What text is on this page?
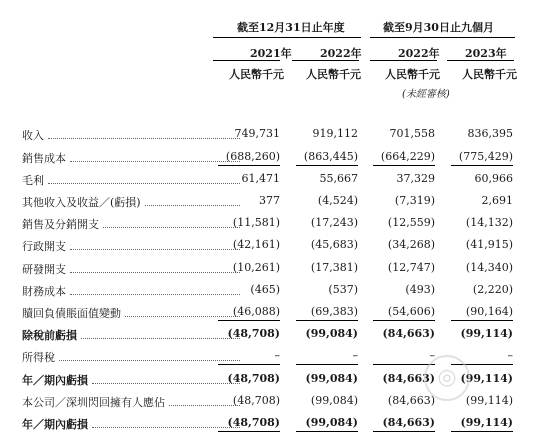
截至12月31日止年度	截至9月30日止九個月
2021年	2022年	2022年 2023年
人民幣千元 人民幣千元 人民幣千元 人民幣千元
(未經審核)
收入	749,731	919,112	701,558	836,395
銷售成本	(688,260)	(863,445)	(664,229)	(775,429)
毛利	61,471	55,667	37,329	60,966
其他收入及收益／(虧損)	377	(4,524)	(7,319)	2,691
銷售及分銷開支	(11,581)	(17,243)	(12,559)	(14,132)
行政開支	(42,161)	(45,683)	(34,268)	(41,915)
研發開支	(10,261)	(17,381)	(12,747)	(14,340)
財務成本	(465)	(537)	(493)	(2,220)
贖回負債賬面值變動	(46,088)	(69,383)	(54,606)	(90,164)
除稅前虧損	(48,708)	(99,084)	(84,663)	(99,114)
所得稅	–	–	–	–
年／期內虧損	(48,708)	(99,084)	(84,663)	(99,114)
本公司／深圳閃回擁有人應佔	(48,708)	(99,084)	(84,663)	(99,114)
年／期內虧損	(48,708)	(99,084)	(84,663)	(99,114)
◎
